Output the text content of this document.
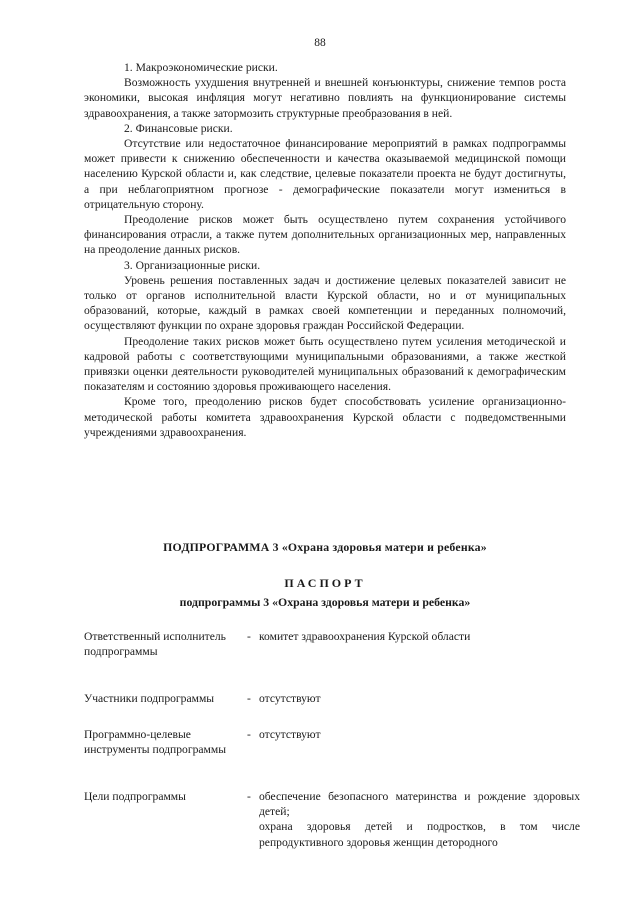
88

1. Макроэкономические риски.

Возможность ухудшения внутренней и внешней конъюнктуры, снижение темпов роста экономики, высокая инфляция могут негативно повлиять на функционирование системы здравоохранения, а также затормозить структурные преобразования в ней.

2. Финансовые риски.

Отсутствие или недостаточное финансирование мероприятий в рамках подпрограммы может привести к снижению обеспеченности и качества оказываемой медицинской помощи населению Курской области и, как следствие, целевые показатели проекта не будут достигнуты, а при неблагоприятном прогнозе - демографические показатели могут измениться в отрицательную сторону.

Преодоление рисков может быть осуществлено путем сохранения устойчивого финансирования отрасли, а также путем дополнительных организационных мер, направленных на преодоление данных рисков.

3. Организационные риски.

Уровень решения поставленных задач и достижение целевых показателей зависит не только от органов исполнительной власти Курской области, но и от муниципальных образований, которые, каждый в рамках своей компетенции и переданных полномочий, осуществляют функции по охране здоровья граждан Российской Федерации.

Преодоление таких рисков может быть осуществлено путем усиления методической и кадровой работы с соответствующими муниципальными образованиями, а также жесткой привязки оценки деятельности руководителей муниципальных образований к демографическим показателям и состоянию здоровья проживающего населения.

Кроме того, преодолению рисков будет способствовать усиление организационно-методической работы комитета здравоохранения Курской области с подведомственными учреждениями здравоохранения.

ПОДПРОГРАММА 3 «Охрана здоровья матери и ребенка»
ПАСПОРТ
подпрограммы 3 «Охрана здоровья матери и ребенка»
Ответственный исполнитель подпрограммы
- комитет здравоохранения Курской области

Участники подпрограммы	- отсутствуют

Программно-целевые инструменты подпрограммы
- отсутствуют

Цели подпрограммы	- обеспечение безопасного материнства и рождение здоровых детей;

охрана здоровья детей и подростков, в том числе репродуктивного здоровья женщин детородного
